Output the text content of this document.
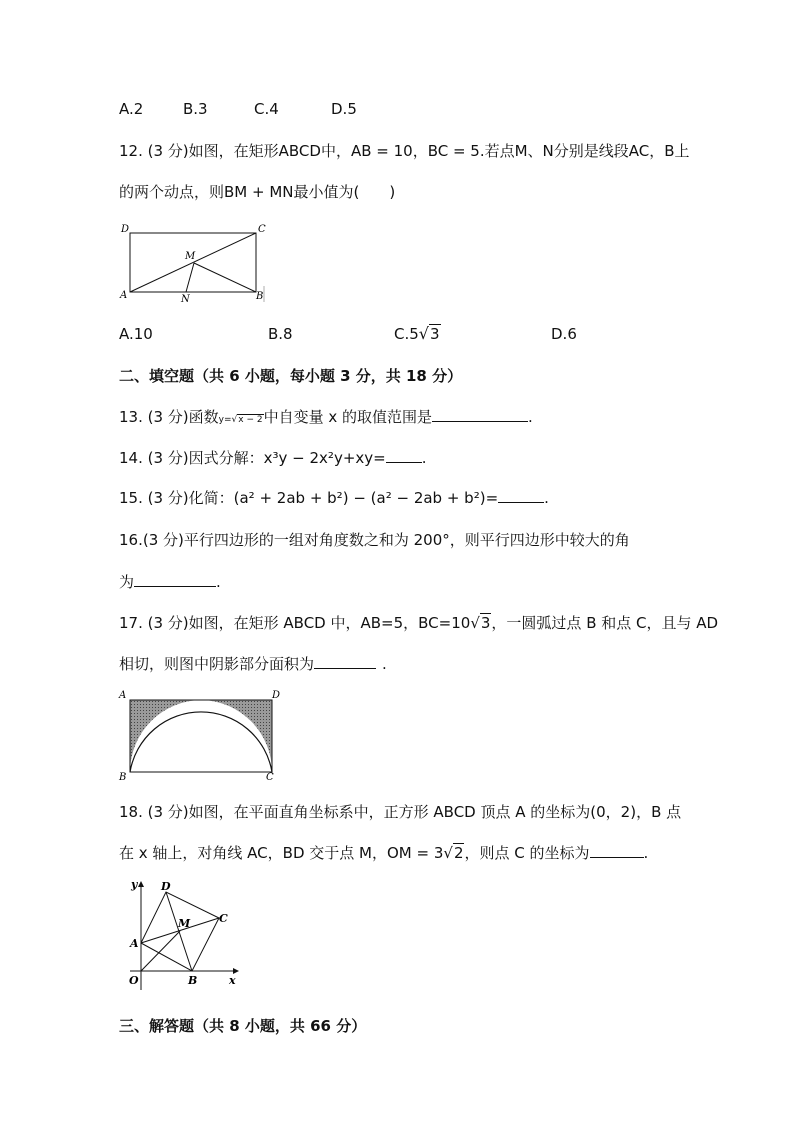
A.2	B.3	C.4	D.5
12. (3 分)如图，在矩形ABCD中，AB = 10，BC = 5.若点M、N分别是线段AC，B上
的两个动点，则BM + MN最小值为(　　)
D	C
M
A	N	B
A.10	B.8	C.5√3	D.6
二、填空题（共 6 小题，每小题 3 分，共 18 分）
13. (3 分)函数y=√x − 2中自变量 x 的取值范围是	.
14. (3 分)因式分解：x³y − 2x²y+xy= .
15. (3 分)化简：(a² + 2ab + b²) − (a² − 2ab + b²)=	.
16.(3 分)平行四边形的一组对角度数之和为 200°，则平行四边形中较大的角
为	.
17. (3 分)如图，在矩形 ABCD 中，AB=5，BC=10√3，一圆弧过点 B 和点 C，且与 AD
相切，则图中阴影部分面积为	.
A	D
B	C
18. (3 分)如图，在平面直角坐标系中，正方形 ABCD 顶点 A 的坐标为(0，2)，B 点
在 x 轴上，对角线 AC，BD 交于点 M，OM = 3√2，则点 C 的坐标为	.
y D
M	C
A
O	B	x
三、解答题（共 8 小题，共 66 分）
